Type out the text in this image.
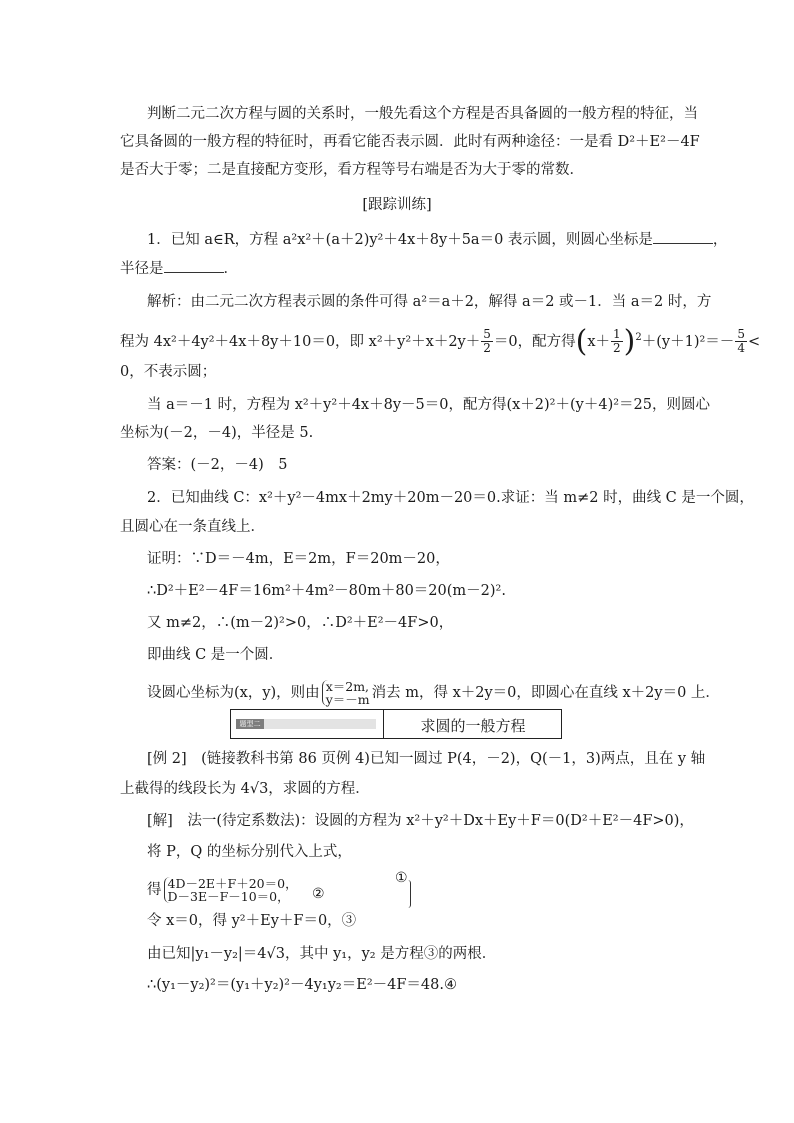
判断二元二次方程与圆的关系时，一般先看这个方程是否具备圆的一般方程的特征，当
它具备圆的一般方程的特征时，再看它能否表示圆．此时有两种途径：一是看 D²＋E²－4F
是否大于零；二是直接配方变形，看方程等号右端是否为大于零的常数．
[跟踪训练]
1．已知 a∈R，方程 a²x²＋(a＋2)y²＋4x＋8y＋5a＝0 表示圆，则圆心坐标是	，
半径是	．
解析：由二元二次方程表示圆的条件可得 a²＝a＋2，解得 a＝2 或－1．当 a＝2 时，方
程为 4x²＋4y²＋4x＋8y＋10＝0，即 $x^2+y^2+x+2y+ \frac{5}{2} =0$，配方得$(x+ \frac{1}{2} )^2+(y+1)^2=- \frac{5}{4}$ <
0，不表示圆；
当 a＝－1 时，方程为 x²＋y²＋4x＋8y－5＝0，配方得(x＋2)²＋(y＋4)²＝25，则圆心
坐标为(－2，－4)，半径是 5.
答案：(－2，－4)　5
2．已知曲线 C：x²＋y²－4mx＋2my＋20m－20＝0.求证：当 m≠2 时，曲线 C 是一个圆，
且圆心在一条直线上．
证明：∵D＝－4m，E＝2m，F＝20m－20，
∴D²＋E²－4F＝16m²＋4m²－80m＋80＝20(m－2)².
又 m≠2，∴(m－2)²>0，∴D²＋E²－4F>0，
即曲线 C 是一个圆．
设圆心坐标为(x，y)，则由 x＝2m,
y＝－m 消去 m，得 x＋2y＝0，即圆心在直线 x＋2y＝0 上．
题型二	求圆的一般方程
[例 2]　(链接教科书第 86 页例 4)已知一圆过 P(4，－2)，Q(－1，3)两点，且在 y 轴
上截得的线段长为 4√3，求圆的方程．
[解]　法一(待定系数法)：设圆的方程为 x²＋y²＋Dx＋Ey＋F＝0(D²＋E²－4F>0)，
将 P，Q 的坐标分别代入上式，
得 4D－2E＋F＋20＝0，
D－3E－F－10＝0，	②
①
令 x＝0，得 y²＋Ey＋F＝0，③
由已知|y₁－y₂|＝4√3，其中 y₁，y₂ 是方程③的两根．
∴(y₁－y₂)²＝(y₁＋y₂)²－4y₁y₂＝E²－4F＝48.④
